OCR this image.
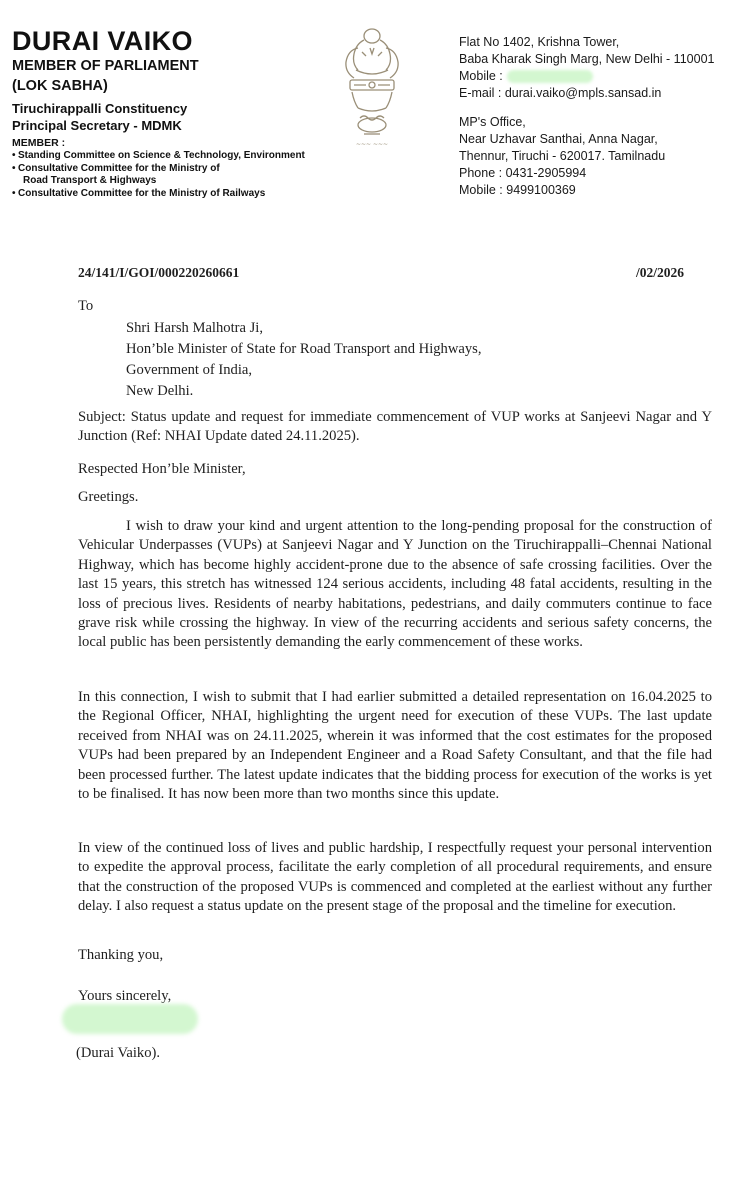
DURAI VAIKO
MEMBER OF PARLIAMENT
(LOK SABHA)
Tiruchirappalli Constituency
Principal Secretary - MDMK
MEMBER :
• Standing Committee on Science & Technology, Environment
• Consultative Committee for the Ministry of
Road Transport & Highways
• Consultative Committee for the Ministry of Railways
~~~ ~~~
Flat No 1402, Krishna Tower,
Baba Kharak Singh Marg, New Delhi - 110001
Mobile :
E-mail : durai.vaiko@mpls.sansad.in
MP's Office,
Near Uzhavar Santhai, Anna Nagar,
Thennur, Tiruchi - 620017. Tamilnadu
Phone : 0431-2905994
Mobile : 9499100369
24/141/I/GOI/000220260661	/02/2026

To

Shri Harsh Malhotra Ji,
Hon’ble Minister of State for Road Transport and Highways,
Government of India,
New Delhi.

Subject: Status update and request for immediate commencement of VUP works at Sanjeevi Nagar and Y Junction (Ref: NHAI Update dated 24.11.2025).

Respected Hon’ble Minister,

Greetings.

I wish to draw your kind and urgent attention to the long-pending proposal for the construction of Vehicular Underpasses (VUPs) at Sanjeevi Nagar and Y Junction on the Tiruchirappalli–Chennai National Highway, which has become highly accident-prone due to the absence of safe crossing facilities. Over the last 15 years, this stretch has witnessed 124 serious accidents, including 48 fatal accidents, resulting in the loss of precious lives. Residents of nearby habitations, pedestrians, and daily commuters continue to face grave risk while crossing the highway. In view of the recurring accidents and serious safety concerns, the local public has been persistently demanding the early commencement of these works.

In this connection, I wish to submit that I had earlier submitted a detailed representation on 16.04.2025 to the Regional Officer, NHAI, highlighting the urgent need for execution of these VUPs. The last update received from NHAI was on 24.11.2025, wherein it was informed that the cost estimates for the proposed VUPs had been prepared by an Independent Engineer and a Road Safety Consultant, and that the file had been processed further. The latest update indicates that the bidding process for execution of the works is yet to be finalised. It has now been more than two months since this update.

In view of the continued loss of lives and public hardship, I respectfully request your personal intervention to expedite the approval process, facilitate the early completion of all procedural requirements, and ensure that the construction of the proposed VUPs is commenced and completed at the earliest without any further delay. I also request a status update on the present stage of the proposal and the timeline for execution.

Thanking you,

Yours sincerely,

(Durai Vaiko).
